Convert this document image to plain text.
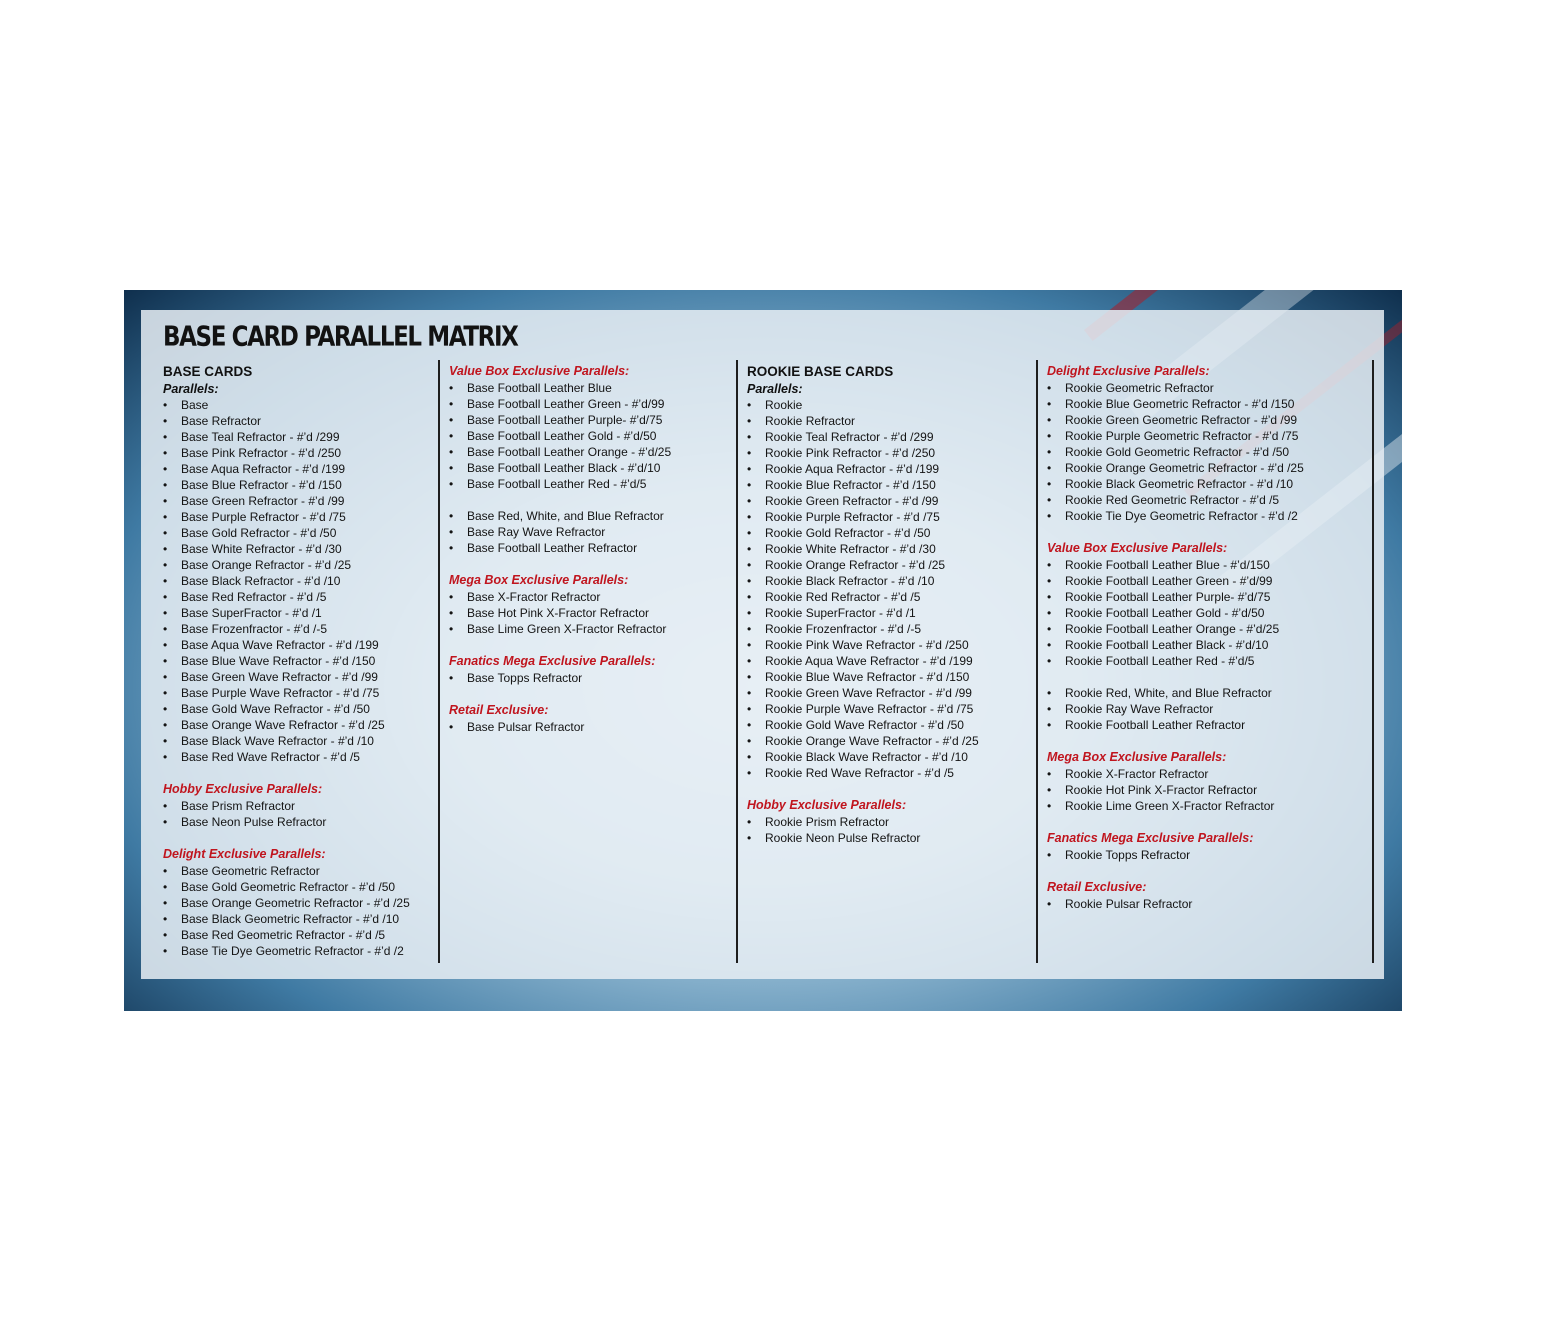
BASE CARD PARALLEL MATRIX
BASE CARDS
Parallels:
• Base
• Base Refractor
• Base Teal Refractor - #’d /299
• Base Pink Refractor - #’d /250
• Base Aqua Refractor - #’d /199
• Base Blue Refractor - #’d /150
• Base Green Refractor - #’d /99
• Base Purple Refractor - #’d /75
• Base Gold Refractor - #’d /50
• Base White Refractor - #’d /30
• Base Orange Refractor - #’d /25
• Base Black Refractor - #’d /10
• Base Red Refractor - #’d /5
• Base SuperFractor - #’d /1
• Base Frozenfractor - #’d /-5
• Base Aqua Wave Refractor - #’d /199
• Base Blue Wave Refractor - #’d /150
• Base Green Wave Refractor - #’d /99
• Base Purple Wave Refractor - #’d /75
• Base Gold Wave Refractor - #’d /50
• Base Orange Wave Refractor - #’d /25
• Base Black Wave Refractor - #’d /10
• Base Red Wave Refractor - #’d /5
Hobby Exclusive Parallels:
• Base Prism Refractor
• Base Neon Pulse Refractor
Delight Exclusive Parallels:
• Base Geometric Refractor
• Base Gold Geometric Refractor - #’d /50
• Base Orange Geometric Refractor - #’d /25
• Base Black Geometric Refractor - #’d /10
• Base Red Geometric Refractor - #’d /5
• Base Tie Dye Geometric Refractor - #’d /2
Value Box Exclusive Parallels:
• Base Football Leather Blue
• Base Football Leather Green - #’d/99
• Base Football Leather Purple- #’d/75
• Base Football Leather Gold - #’d/50
• Base Football Leather Orange - #’d/25
• Base Football Leather Black - #’d/10
• Base Football Leather Red - #’d/5
• Base Red, White, and Blue Refractor
• Base Ray Wave Refractor
• Base Football Leather Refractor
Mega Box Exclusive Parallels:
• Base X-Fractor Refractor
• Base Hot Pink X-Fractor Refractor
• Base Lime Green X-Fractor Refractor
Fanatics Mega Exclusive Parallels:
• Base Topps Refractor
Retail Exclusive:
• Base Pulsar Refractor
ROOKIE BASE CARDS
Parallels:
• Rookie
• Rookie Refractor
• Rookie Teal Refractor - #’d /299
• Rookie Pink Refractor - #’d /250
• Rookie Aqua Refractor - #’d /199
• Rookie Blue Refractor - #’d /150
• Rookie Green Refractor - #’d /99
• Rookie Purple Refractor - #’d /75
• Rookie Gold Refractor - #’d /50
• Rookie White Refractor - #’d /30
• Rookie Orange Refractor - #’d /25
• Rookie Black Refractor - #’d /10
• Rookie Red Refractor - #’d /5
• Rookie SuperFractor - #’d /1
• Rookie Frozenfractor - #’d /-5
• Rookie Pink Wave Refractor - #’d /250
• Rookie Aqua Wave Refractor - #’d /199
• Rookie Blue Wave Refractor - #’d /150
• Rookie Green Wave Refractor - #’d /99
• Rookie Purple Wave Refractor - #’d /75
• Rookie Gold Wave Refractor - #’d /50
• Rookie Orange Wave Refractor - #’d /25
• Rookie Black Wave Refractor - #’d /10
• Rookie Red Wave Refractor - #’d /5
Hobby Exclusive Parallels:
• Rookie Prism Refractor
• Rookie Neon Pulse Refractor
Delight Exclusive Parallels:
• Rookie Geometric Refractor
• Rookie Blue Geometric Refractor - #’d /150
• Rookie Green Geometric Refractor - #’d /99
• Rookie Purple Geometric Refractor - #’d /75
• Rookie Gold Geometric Refractor - #’d /50
• Rookie Orange Geometric Refractor - #’d /25
• Rookie Black Geometric Refractor - #’d /10
• Rookie Red Geometric Refractor - #’d /5
• Rookie Tie Dye Geometric Refractor - #’d /2
Value Box Exclusive Parallels:
• Rookie Football Leather Blue - #’d/150
• Rookie Football Leather Green - #’d/99
• Rookie Football Leather Purple- #’d/75
• Rookie Football Leather Gold - #’d/50
• Rookie Football Leather Orange - #’d/25
• Rookie Football Leather Black - #’d/10
• Rookie Football Leather Red - #’d/5
• Rookie Red, White, and Blue Refractor
• Rookie Ray Wave Refractor
• Rookie Football Leather Refractor
Mega Box Exclusive Parallels:
• Rookie X-Fractor Refractor
• Rookie Hot Pink X-Fractor Refractor
• Rookie Lime Green X-Fractor Refractor
Fanatics Mega Exclusive Parallels:
• Rookie Topps Refractor
Retail Exclusive:
• Rookie Pulsar Refractor
